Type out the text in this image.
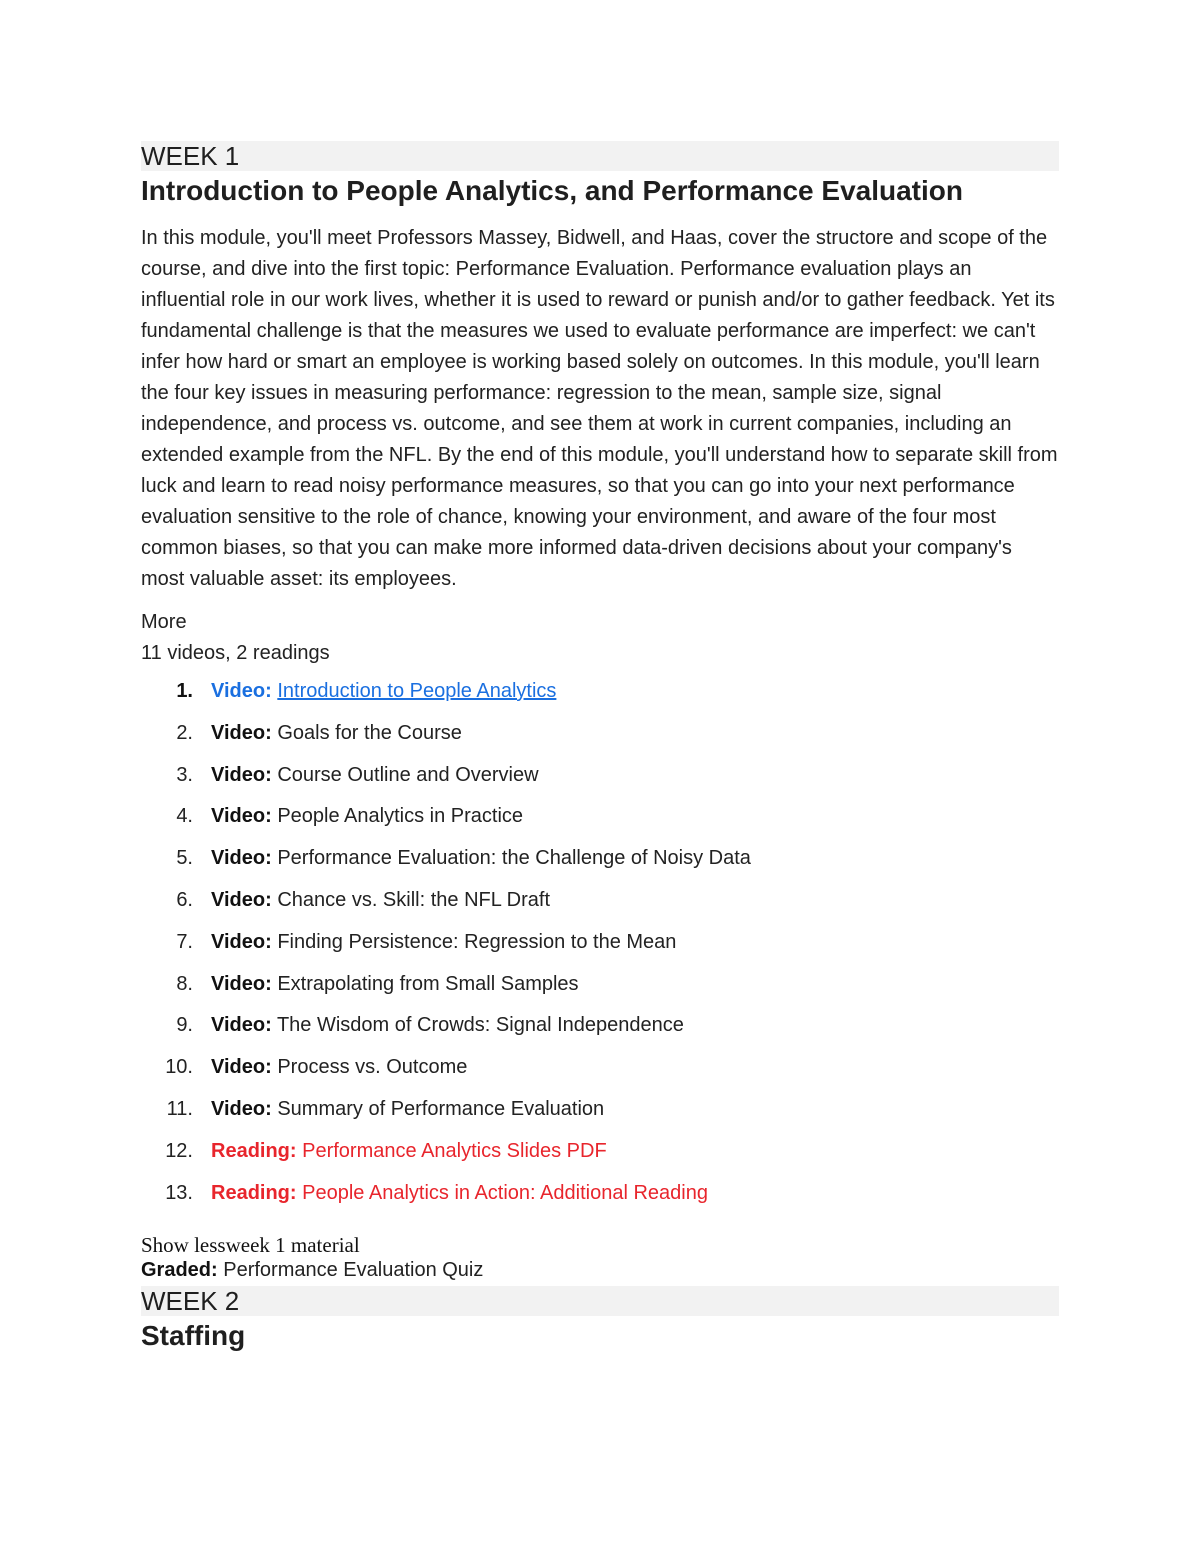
WEEK 1
Introduction to People Analytics, and Performance Evaluation

In this module, you'll meet Professors Massey, Bidwell, and Haas, cover the structore and scope of the course, and dive into the first topic: Performance Evaluation. Performance evaluation plays an influential role in our work lives, whether it is used to reward or punish and/or to gather feedback. Yet its fundamental challenge is that the measures we used to evaluate performance are imperfect: we can't infer how hard or smart an employee is working based solely on outcomes. In this module, you'll learn the four key issues in measuring performance: regression to the mean, sample size, signal independence, and process vs. outcome, and see them at work in current companies, including an extended example from the NFL. By the end of this module, you'll understand how to separate skill from luck and learn to read noisy performance measures, so that you can go into your next performance evaluation sensitive to the role of chance, knowing your environment, and aware of the four most common biases, so that you can make more informed data-driven decisions about your company's most valuable asset: its employees.

More
11 videos, 2 readings
1. Video: Introduction to People Analytics
2. Video: Goals for the Course
3. Video: Course Outline and Overview
4. Video: People Analytics in Practice
5. Video: Performance Evaluation: the Challenge of Noisy Data
6. Video: Chance vs. Skill: the NFL Draft
7. Video: Finding Persistence: Regression to the Mean
8. Video: Extrapolating from Small Samples
9. Video: The Wisdom of Crowds: Signal Independence
10. Video: Process vs. Outcome
11. Video: Summary of Performance Evaluation
12. Reading: Performance Analytics Slides PDF
13. Reading: People Analytics in Action: Additional Reading
Show lessweek 1 material
Graded: Performance Evaluation Quiz
WEEK 2
Staffing
